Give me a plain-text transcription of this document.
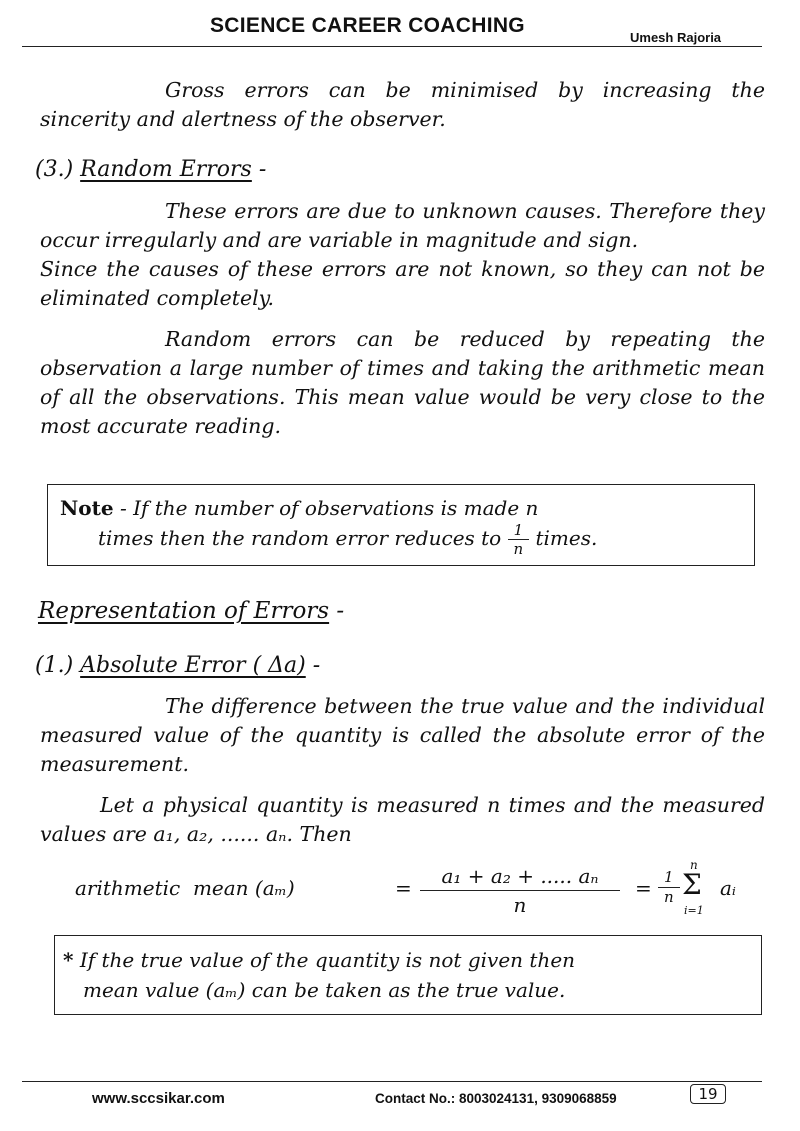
SCIENCE CAREER COACHING
Umesh Rajoria

Gross errors can be minimised by increasing the sincerity and alertness of the observer.

(3.) Random Errors -

These errors are due to unknown causes. Therefore they occur irregularly and are variable in magnitude and sign.

Since the causes of these errors are not known, so they can not be eliminated completely.

Random errors can be reduced by repeating the observation a large number of times and taking the arithmetic mean of all the observations. This mean value would be very close to the most accurate reading.

Note - If the number of observations is made n
times then the random error reduces to $\frac{1}{n}$ times.
Representation of Errors -
(1.) Absolute Error ( Δa) -

The difference between the true value and the individual measured value of the quantity is called the absolute error of the measurement.

Let a physical quantity is measured n times and the measured values are a₁, a₂, ...... aₙ. Then

arithmetic  mean (aₘ)	= $\frac{\text{a₁ + a₂ + ..... aₙ}}{n} = \frac{1}{n}$
n
Σ
i=1
aᵢ
* If the true value of the quantity is not given then
mean value (aₘ) can be taken as the true value.
www.sccsikar.com	Contact No.: 8003024131, 9309068859	19
